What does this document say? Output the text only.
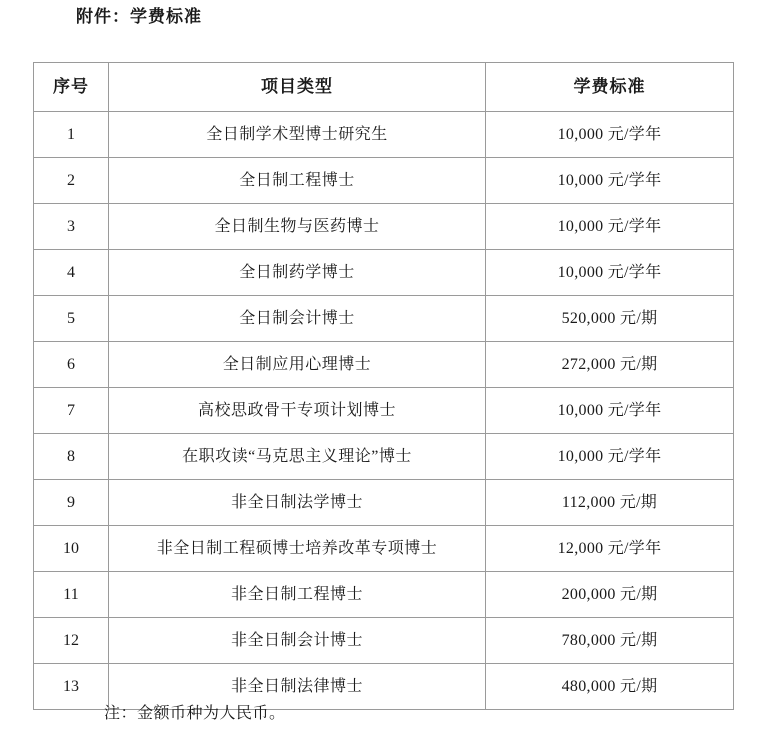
附件：学费标准
序号	项目类型	学费标准
1	全日制学术型博士研究生	10,000 元/学年
2	全日制工程博士	10,000 元/学年
3	全日制生物与医药博士	10,000 元/学年
4	全日制药学博士	10,000 元/学年
5	全日制会计博士	520,000 元/期
6	全日制应用心理博士	272,000 元/期
7	高校思政骨干专项计划博士	10,000 元/学年
8	在职攻读“马克思主义理论”博士	10,000 元/学年
9	非全日制法学博士	112,000 元/期
10	非全日制工程硕博士培养改革专项博士	12,000 元/学年
11	非全日制工程博士	200,000 元/期
12	非全日制会计博士	780,000 元/期
13	非全日制法律博士	480,000 元/期
注：金额币种为人民币。
